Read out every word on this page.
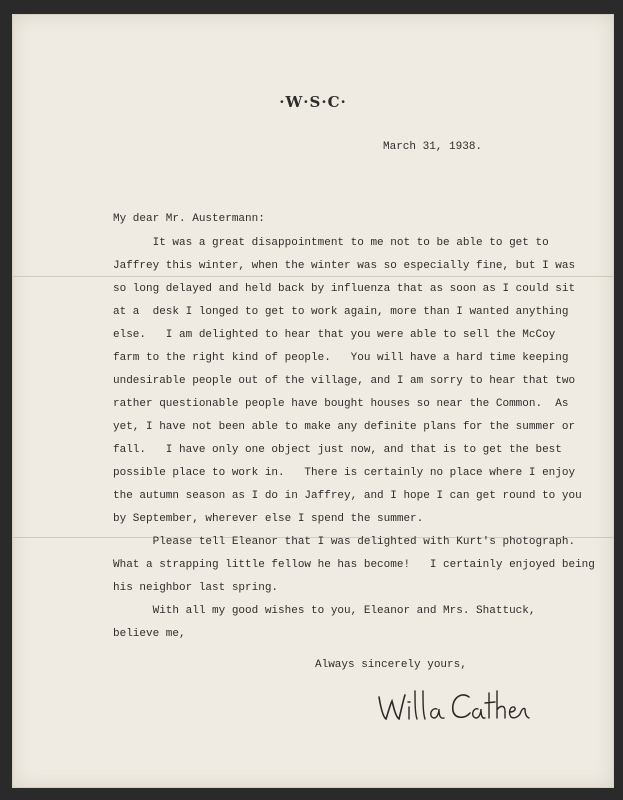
·W·S·C·
March 31, 1938.
My dear Mr. Austermann:
It was a great disappointment to me not to be able to get to
Jaffrey this winter, when the winter was so especially fine, but I was
so long delayed and held back by influenza that as soon as I could sit
at a  desk I longed to get to work again, more than I wanted anything
else.   I am delighted to hear that you were able to sell the McCoy
farm to the right kind of people.   You will have a hard time keeping
undesirable people out of the village, and I am sorry to hear that two
rather questionable people have bought houses so near the Common.  As
yet, I have not been able to make any definite plans for the summer or
fall.   I have only one object just now, and that is to get the best
possible place to work in.   There is certainly no place where I enjoy
the autumn season as I do in Jaffrey, and I hope I can get round to you
by September, wherever else I spend the summer.
Please tell Eleanor that I was delighted with Kurt's photograph.
What a strapping little fellow he has become!   I certainly enjoyed being
his neighbor last spring.
With all my good wishes to you, Eleanor and Mrs. Shattuck,
believe me,
Always sincerely yours,
